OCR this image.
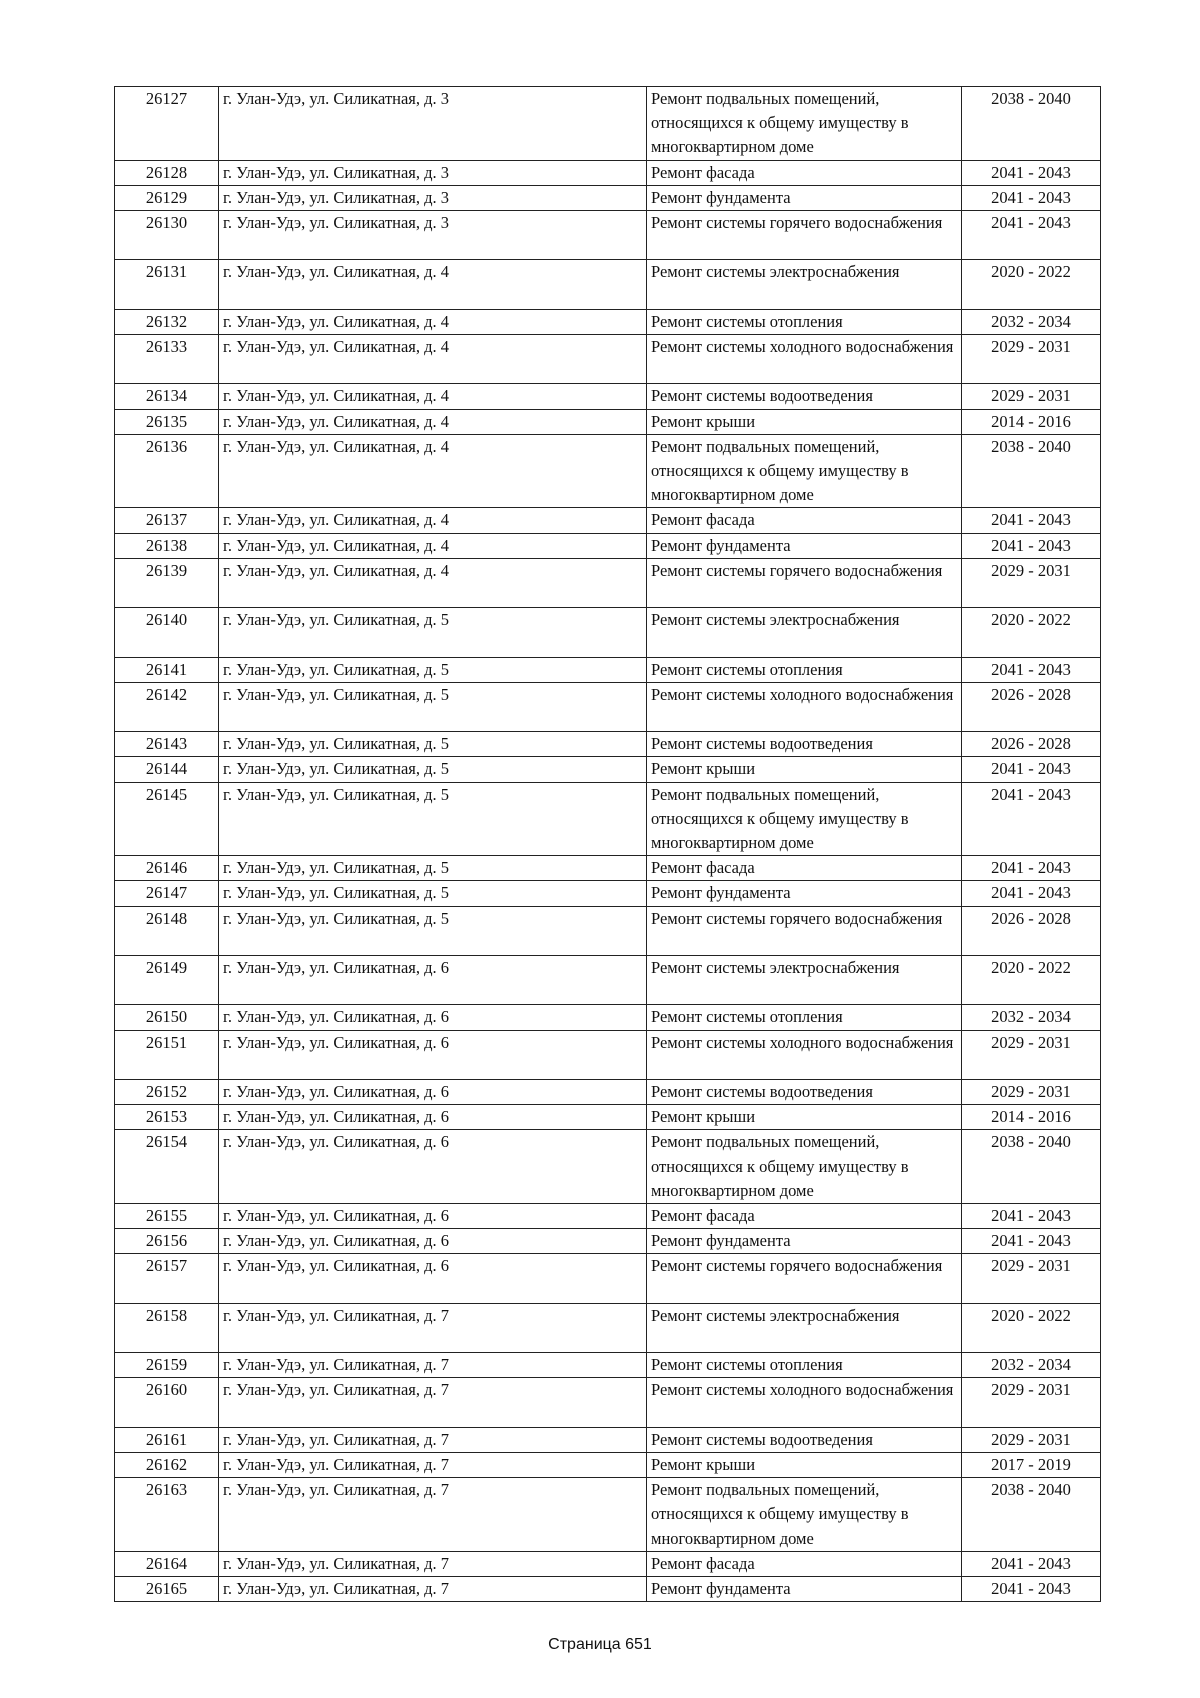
26127	г. Улан-Удэ, ул. Силикатная, д. 3	Ремонт подвальных помещений, относящихся к общему имуществу в многоквартирном доме	2038 - 2040
26128	г. Улан-Удэ, ул. Силикатная, д. 3	Ремонт фасада	2041 - 2043
26129	г. Улан-Удэ, ул. Силикатная, д. 3	Ремонт фундамента	2041 - 2043
26130	г. Улан-Удэ, ул. Силикатная, д. 3	Ремонт системы горячего водоснабжения	2041 - 2043
26131	г. Улан-Удэ, ул. Силикатная, д. 4	Ремонт системы электроснабжения	2020 - 2022
26132	г. Улан-Удэ, ул. Силикатная, д. 4	Ремонт системы отопления	2032 - 2034
26133	г. Улан-Удэ, ул. Силикатная, д. 4	Ремонт системы холодного водоснабжения	2029 - 2031
26134	г. Улан-Удэ, ул. Силикатная, д. 4	Ремонт системы водоотведения	2029 - 2031
26135	г. Улан-Удэ, ул. Силикатная, д. 4	Ремонт крыши	2014 - 2016
26136	г. Улан-Удэ, ул. Силикатная, д. 4	Ремонт подвальных помещений, относящихся к общему имуществу в многоквартирном доме	2038 - 2040
26137	г. Улан-Удэ, ул. Силикатная, д. 4	Ремонт фасада	2041 - 2043
26138	г. Улан-Удэ, ул. Силикатная, д. 4	Ремонт фундамента	2041 - 2043
26139	г. Улан-Удэ, ул. Силикатная, д. 4	Ремонт системы горячего водоснабжения	2029 - 2031
26140	г. Улан-Удэ, ул. Силикатная, д. 5	Ремонт системы электроснабжения	2020 - 2022
26141	г. Улан-Удэ, ул. Силикатная, д. 5	Ремонт системы отопления	2041 - 2043
26142	г. Улан-Удэ, ул. Силикатная, д. 5	Ремонт системы холодного водоснабжения	2026 - 2028
26143	г. Улан-Удэ, ул. Силикатная, д. 5	Ремонт системы водоотведения	2026 - 2028
26144	г. Улан-Удэ, ул. Силикатная, д. 5	Ремонт крыши	2041 - 2043
26145	г. Улан-Удэ, ул. Силикатная, д. 5	Ремонт подвальных помещений, относящихся к общему имуществу в многоквартирном доме	2041 - 2043
26146	г. Улан-Удэ, ул. Силикатная, д. 5	Ремонт фасада	2041 - 2043
26147	г. Улан-Удэ, ул. Силикатная, д. 5	Ремонт фундамента	2041 - 2043
26148	г. Улан-Удэ, ул. Силикатная, д. 5	Ремонт системы горячего водоснабжения	2026 - 2028
26149	г. Улан-Удэ, ул. Силикатная, д. 6	Ремонт системы электроснабжения	2020 - 2022
26150	г. Улан-Удэ, ул. Силикатная, д. 6	Ремонт системы отопления	2032 - 2034
26151	г. Улан-Удэ, ул. Силикатная, д. 6	Ремонт системы холодного водоснабжения	2029 - 2031
26152	г. Улан-Удэ, ул. Силикатная, д. 6	Ремонт системы водоотведения	2029 - 2031
26153	г. Улан-Удэ, ул. Силикатная, д. 6	Ремонт крыши	2014 - 2016
26154	г. Улан-Удэ, ул. Силикатная, д. 6	Ремонт подвальных помещений, относящихся к общему имуществу в многоквартирном доме	2038 - 2040
26155	г. Улан-Удэ, ул. Силикатная, д. 6	Ремонт фасада	2041 - 2043
26156	г. Улан-Удэ, ул. Силикатная, д. 6	Ремонт фундамента	2041 - 2043
26157	г. Улан-Удэ, ул. Силикатная, д. 6	Ремонт системы горячего водоснабжения	2029 - 2031
26158	г. Улан-Удэ, ул. Силикатная, д. 7	Ремонт системы электроснабжения	2020 - 2022
26159	г. Улан-Удэ, ул. Силикатная, д. 7	Ремонт системы отопления	2032 - 2034
26160	г. Улан-Удэ, ул. Силикатная, д. 7	Ремонт системы холодного водоснабжения	2029 - 2031
26161	г. Улан-Удэ, ул. Силикатная, д. 7	Ремонт системы водоотведения	2029 - 2031
26162	г. Улан-Удэ, ул. Силикатная, д. 7	Ремонт крыши	2017 - 2019
26163	г. Улан-Удэ, ул. Силикатная, д. 7	Ремонт подвальных помещений, относящихся к общему имуществу в многоквартирном доме	2038 - 2040
26164	г. Улан-Удэ, ул. Силикатная, д. 7	Ремонт фасада	2041 - 2043
26165	г. Улан-Удэ, ул. Силикатная, д. 7	Ремонт фундамента	2041 - 2043
Страница 651
